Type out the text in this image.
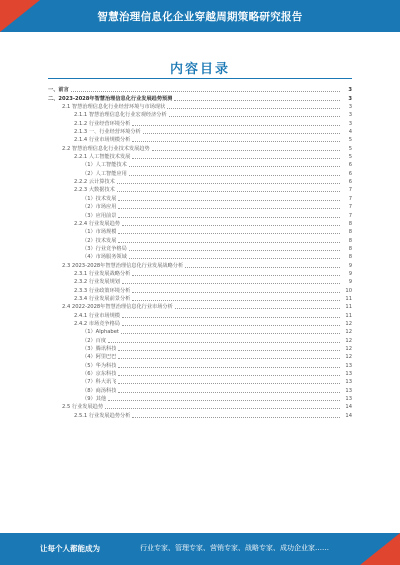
智慧治理信息化企业穿越周期策略研究报告
内容目录
一、前言	3
二、2023-2028年智慧治理信息化行业发展趋势预测	3
2.1 智慧治理信息化行业经营环境与市场现状	3
2.1.1 智慧治理信息化行业宏观经济分析	3
2.1.2 行业经营环境分析	3
2.1.3 一、行业经营环境分析	4
2.1.4 行业市场规模分析	5
2.2 智慧治理信息化行业技术发展趋势	5
2.2.1 人工智能技术发展	5
（1）人工智能技术	6
（2）人工智能应用	6
2.2.2 云计算技术	6
2.2.3 大数据技术	7
（1）技术发展	7
（2）市场应用	7
（3）应用前景	7
2.2.4 行业发展趋势	8
（1）市场规模	8
（2）技术发展	8
（3）行业竞争格局	8
（4）市场服务领域	8
2.3 2023-2028年智慧治理信息化行业发展战略分析	9
2.3.1 行业发展战略分析	9
2.3.2 行业发展规划	9
2.3.3 行业政策环境分析	10
2.3.4 行业发展前景分析	11
2.4 2022-2028年智慧治理信息化行业市场分析	11
2.4.1 行业市场规模	11
2.4.2 市场竞争格局	12
（1）Alphabet	12
（2）百度	12
（3）腾讯科技	12
（4）阿里巴巴	12
（5）华为科技	13
（6）京东科技	13
（7）科大讯飞	13
（8）商汤科技	13
（9）其他	13
2.5 行业发展趋势	14
2.5.1 行业发展趋势分析	14
让每个人都能成为	行业专家、管理专家、营销专家、战略专家、成功企业家……
